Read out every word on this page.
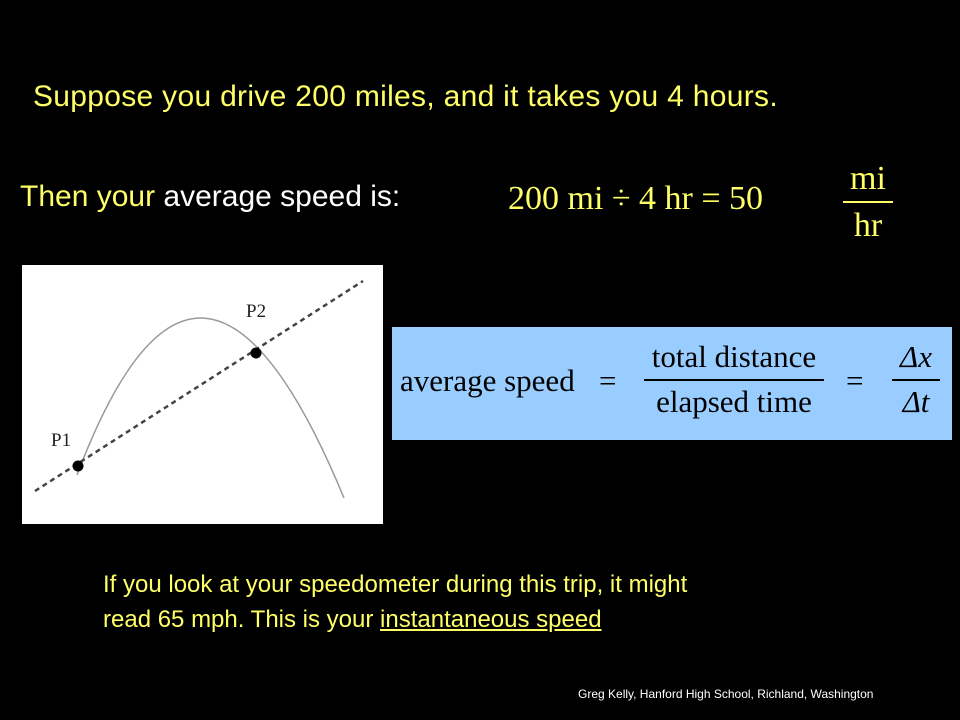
Suppose you drive 200 miles, and it takes you 4 hours.
Then your average speed is:	200 mi ÷ 4 hr = 50
mi
hr
P1
P2
average speed =
total distance
elapsed time
=
Δx
Δt
If you look at your speedometer during this trip, it might
read 65 mph. This is your instantaneous speed
Greg Kelly, Hanford High School, Richland, Washington
